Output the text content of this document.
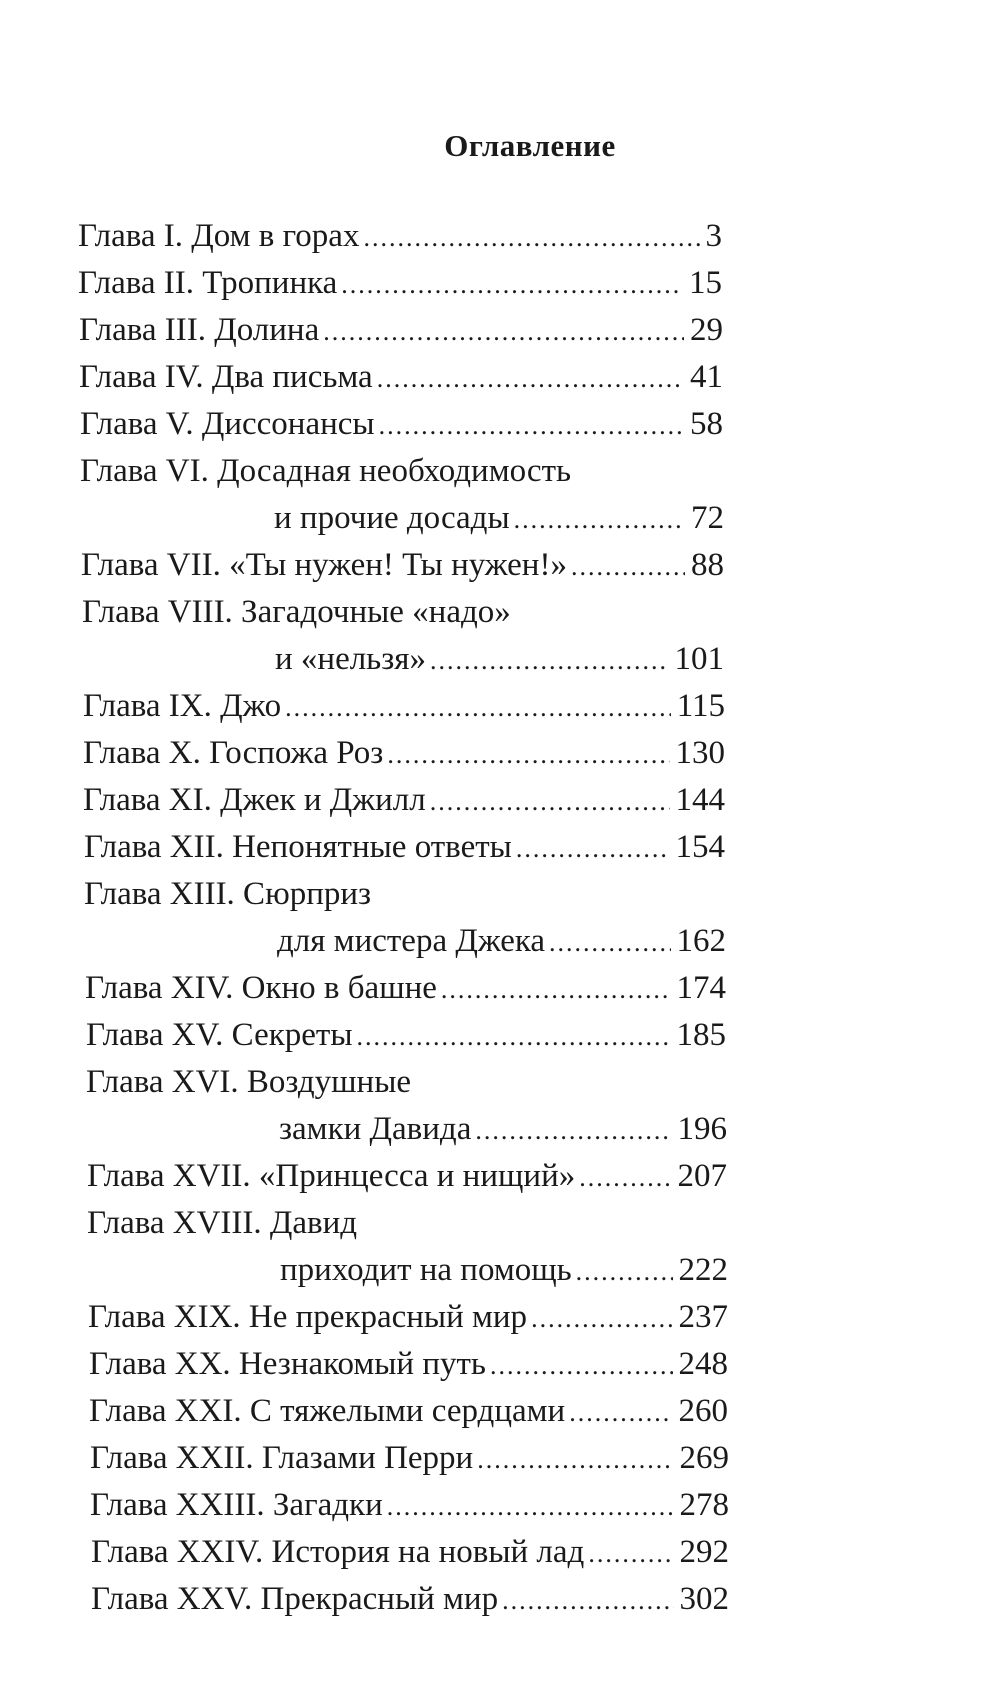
Оглавление
Глава I. Дом в горах .....	3
Глава II. Тропинка .....	15
Глава III. Долина .....	29
Глава IV. Два письма .....	41
Глава V. Диссонансы .....	58
Глава VI. Досадная необходимость
и прочие досады .....	72
Глава VII. «Ты нужен! Ты нужен!» .....	88
Глава VIII. Загадочные «надо»
и «нельзя» .....	101
Глава IX. Джо .....	115
Глава X. Госпожа Роз .....	130
Глава XI. Джек и Джилл .....	144
Глава XII. Непонятные ответы .....	154
Глава XIII. Сюрприз
для мистера Джека .....	162
Глава XIV. Окно в башне .....	174
Глава XV. Секреты .....	185
Глава XVI. Воздушные
замки Давида .....	196
Глава XVII. «Принцесса и нищий» .....	207
Глава XVIII. Давид
приходит на помощь .....	222
Глава XIX. Не прекрасный мир .....	237
Глава XX. Незнакомый путь .....	248
Глава XXI. С тяжелыми сердцами .....	260
Глава XXII. Глазами Перри .....	269
Глава XXIII. Загадки .....	278
Глава XXIV. История на новый лад .....	292
Глава XXV. Прекрасный мир .....	302
